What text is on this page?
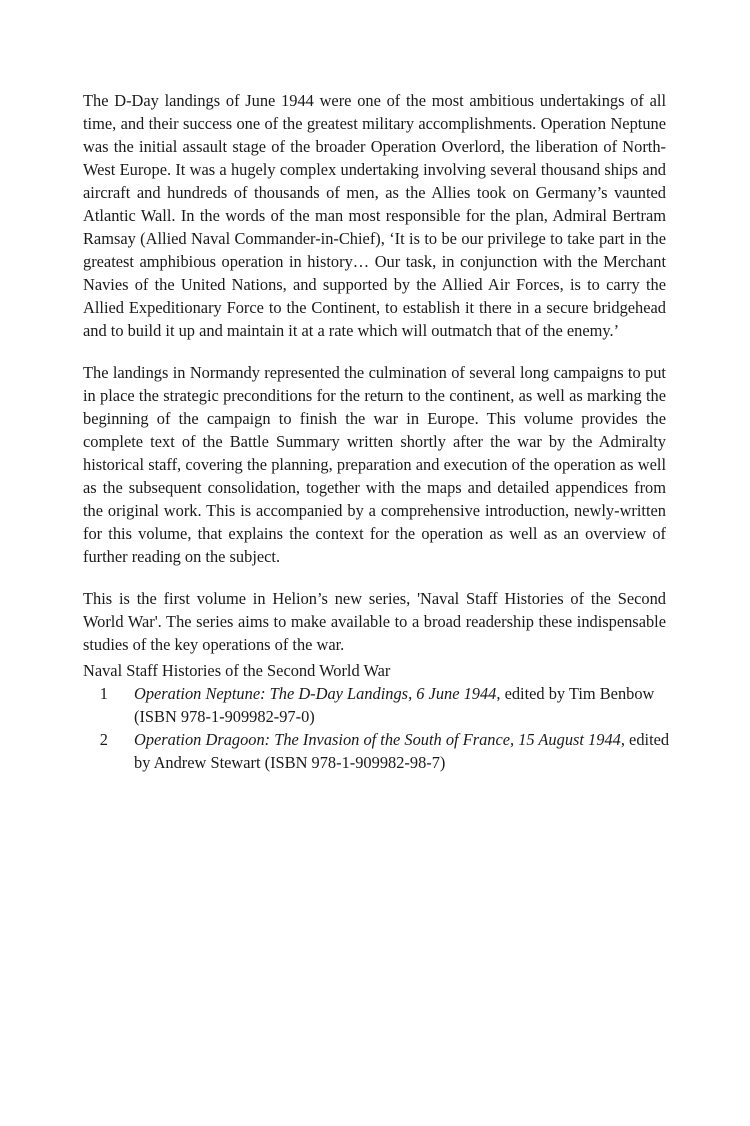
The D-Day landings of June 1944 were one of the most ambitious undertakings of all time, and their success one of the greatest military accomplishments. Operation Neptune was the initial assault stage of the broader Operation Overlord, the liberation of North-West Europe. It was a hugely complex undertaking involving several thousand ships and aircraft and hundreds of thousands of men, as the Allies took on Germany’s vaunted Atlantic Wall. In the words of the man most responsible for the plan, Admiral Bertram Ramsay (Allied Naval Commander-in-Chief), ‘It is to be our privilege to take part in the greatest amphibious operation in history… Our task, in conjunction with the Merchant Navies of the United Nations, and supported by the Allied Air Forces, is to carry the Allied Expeditionary Force to the Continent, to establish it there in a secure bridgehead and to build it up and maintain it at a rate which will outmatch that of the enemy.’

The landings in Normandy represented the culmination of several long campaigns to put in place the strategic preconditions for the return to the continent, as well as marking the beginning of the campaign to finish the war in Europe. This volume provides the complete text of the Battle Summary written shortly after the war by the Admiralty historical staff, covering the planning, preparation and execution of the operation as well as the subsequent consolidation, together with the maps and detailed appendices from the original work. This is accompanied by a comprehensive introduction, newly-written for this volume, that explains the context for the operation as well as an overview of further reading on the subject.

This is the first volume in Helion’s new series, 'Naval Staff Histories of the Second World War'. The series aims to make available to a broad readership these indispensable studies of the key operations of the war.

Naval Staff Histories of the Second World War

1 Operation Neptune: The D-Day Landings, 6 June 1944, edited by Tim Benbow (ISBN 978-1-909982-97-0)
2 Operation Dragoon: The Invasion of the South of France, 15 August 1944, edited by Andrew Stewart (ISBN 978-1-909982-98-7)
